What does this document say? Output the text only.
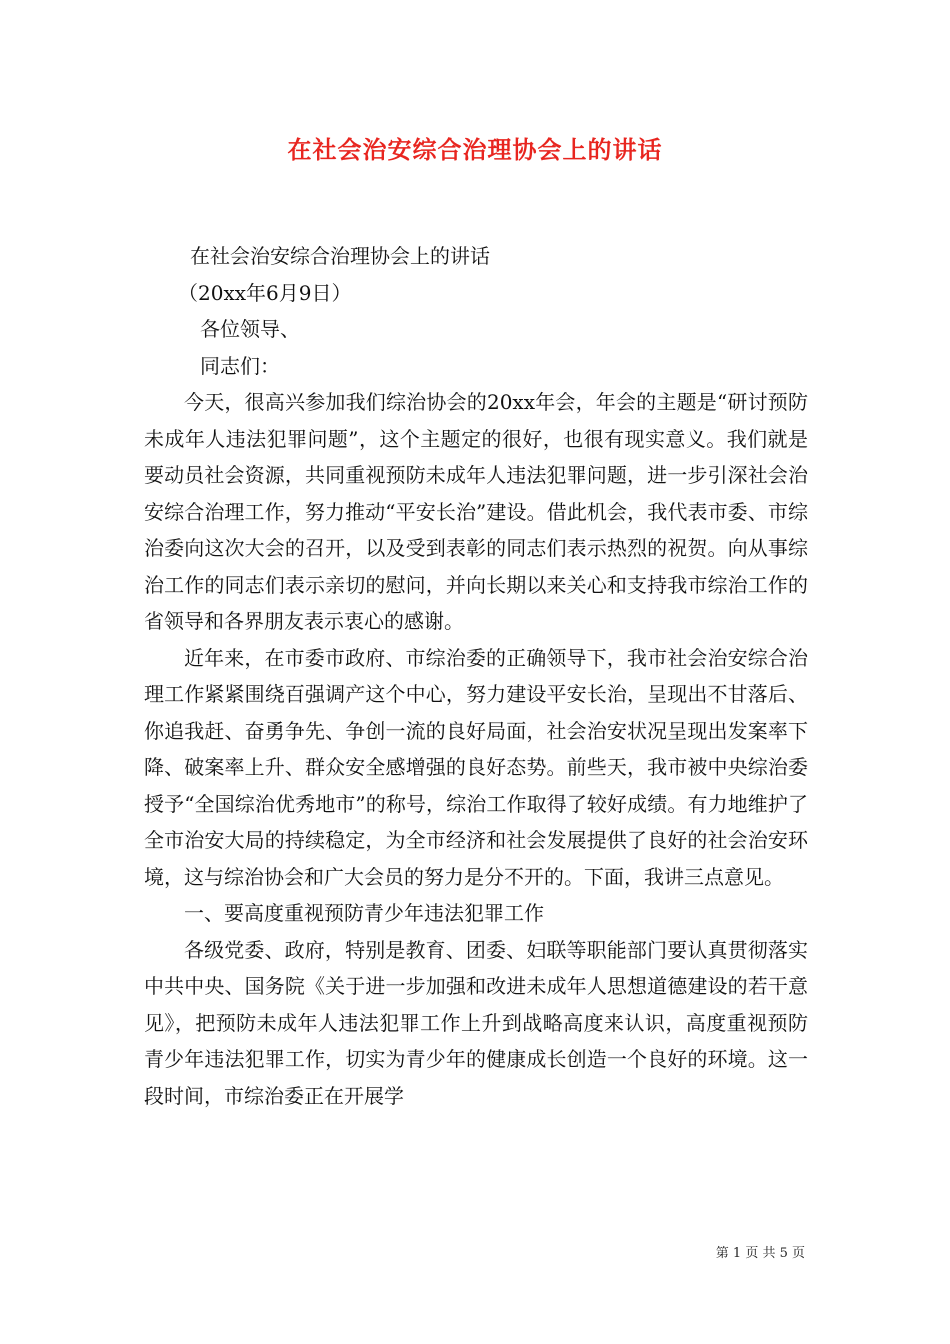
在社会治安综合治理协会上的讲话

在社会治安综合治理协会上的讲话

（20xx年6月9日）

各位领导、

同志们：

今天，很高兴参加我们综治协会的20xx年会，年会的主题是“研讨预防未成年人违法犯罪问题”，这个主题定的很好，也很有现实意义。我们就是要动员社会资源，共同重视预防未成年人违法犯罪问题，进一步引深社会治安综合治理工作，努力推动“平安长治”建设。借此机会，我代表市委、市综治委向这次大会的召开，以及受到表彰的同志们表示热烈的祝贺。向从事综治工作的同志们表示亲切的慰问，并向长期以来关心和支持我市综治工作的省领导和各界朋友表示衷心的感谢。

近年来，在市委市政府、市综治委的正确领导下，我市社会治安综合治理工作紧紧围绕百强调产这个中心，努力建设平安长治，呈现出不甘落后、你追我赶、奋勇争先、争创一流的良好局面，社会治安状况呈现出发案率下降、破案率上升、群众安全感增强的良好态势。前些天，我市被中央综治委授予“全国综治优秀地市”的称号，综治工作取得了较好成绩。有力地维护了全市治安大局的持续稳定，为全市经济和社会发展提供了良好的社会治安环境，这与综治协会和广大会员的努力是分不开的。下面，我讲三点意见。

一、要高度重视预防青少年违法犯罪工作

各级党委、政府，特别是教育、团委、妇联等职能部门要认真贯彻落实中共中央、国务院《关于进一步加强和改进未成年人思想道德建设的若干意见》，把预防未成年人违法犯罪工作上升到战略高度来认识，高度重视预防青少年违法犯罪工作，切实为青少年的健康成长创造一个良好的环境。这一段时间，市综治委正在开展学

第 1 页 共 5 页
